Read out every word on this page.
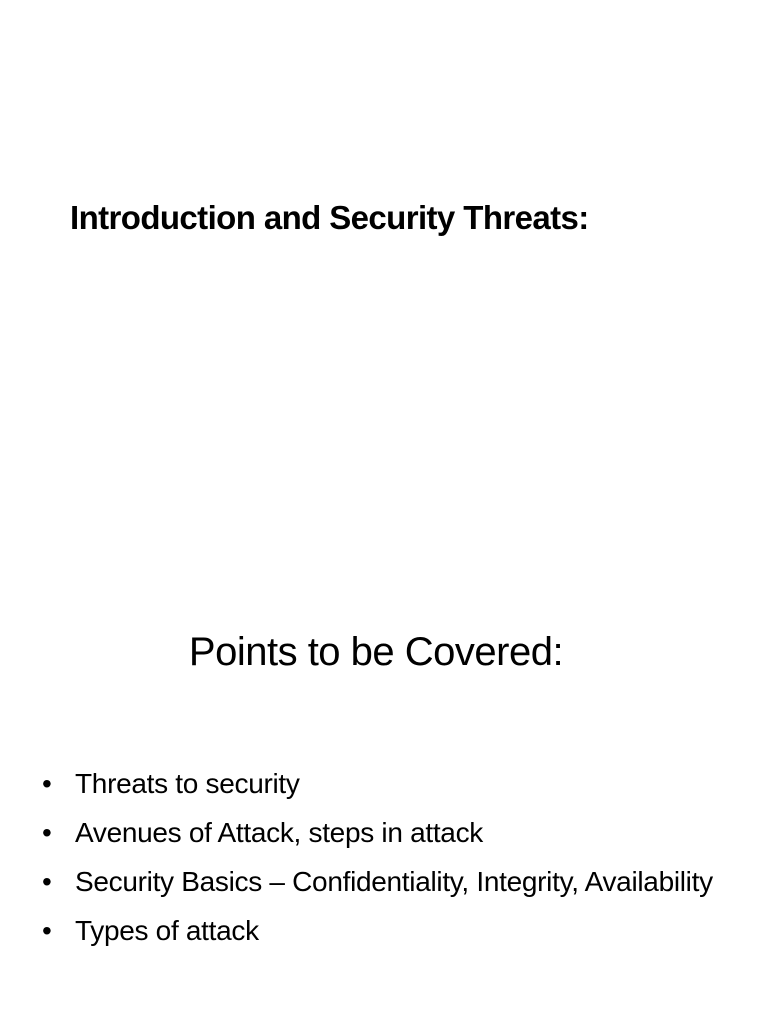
Introduction and Security Threats:
Points to be Covered:
• Threats to security
• Avenues of Attack, steps in attack
• Security Basics – Confidentiality, Integrity, Availability
• Types of attack
